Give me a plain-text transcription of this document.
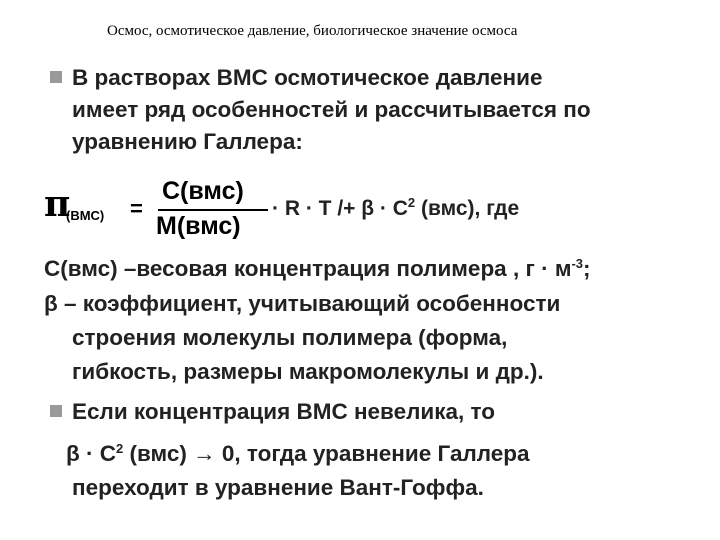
Осмос, осмотическое давление, биологическое значение осмоса
В растворах ВМС осмотическое давление
имеет ряд особенностей и рассчитывается по
уравнению Галлера:
π
(ВМС) =
С(вмс)
М(вмс)
· $R \cdot T /+ \beta \cdot C^2$ (вмс), где
С(вмс) –весовая концентрация полимера , $г \cdot м^{-3}$;
β – коэффициент, учитывающий особенности
строения молекулы полимера (форма,
гибкость, размеры макромолекулы и др.).
Если концентрация ВМС невелика, то
$\beta \cdot C^2$ (вмс) → 0, тогда уравнение Галлера
переходит в уравнение Вант-Гоффа.
